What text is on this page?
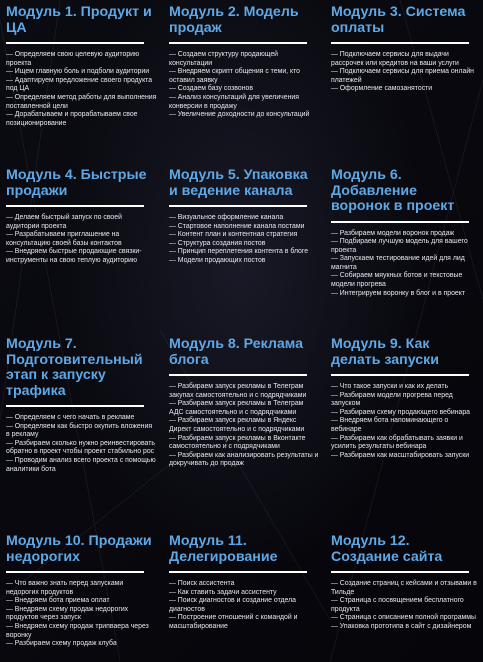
Модуль 1. Продукт и ЦА
— Определяем свою целевую аудиторию проекта
— Ищем главную боль и подболи аудитории
— Адаптируем предложение своего продукта под ЦА
— Определяем метод работы для выполнения поставленной цели
— Дорабатываем и прорабатываем свое позиционирование
Модуль 2. Модель продаж
— Создаем структуру продающей консультации
— Внедряем скрипт общения с теми, кто оставил заявку
— Создаем базу созвонов
— Анализ консультаций для увеличения конверсии в продажу
— Увеличение доходности до консультаций
Модуль 3. Система оплаты
— Подключаем сервисы для выдачи рассрочек или кредитов на ваши услуги
— Подключаем сервисы для приема онлайн платежей
— Оформление самозанятости
Модуль 4. Быстрые продажи
— Делаем быстрый запуск по своей аудитории проекта
— Разрабатываем приглашение на консультацию своей базы контактов
— Внедряем быстрые продающие связки-инструменты на свою теплую аудиторию
Модуль 5. Упаковка и ведение канала
— Визуальное оформление канала
— Стартовое наполнение канала постами
— Контент план и контентная стратегия
— Структура создания постов
— Принцип переплетения контента в блоге
— Модели продающих постов
Модуль 6. Добавление воронок в проект
— Разбираем модели воронок продаж
— Подбираем лучшую модель для вашего проекта
— Запускаем тестирование идей для лид магнита
— Собираем мяукных ботов и текстовые модели прогрева
— Интегрируем воронку в блог и в проект
Модуль 7. Подготовительный этап к запуску трафика
— Определяем с чего начать в рекламе
— Определяем как быстро окупить вложения в рекламу
— Разбираем сколько нужно реинвестировать обратно в проект чтобы проект стабильно рос
— Проводим анализ всего проекта с помощью аналитики бота
Модуль 8. Реклама блога
— Разбираем запуск рекламы в Телеграм закупах самостоятельно и с подрядчиками
— Разбираем запуск рекламы в Телеграм АДС самостоятельно и с подрядчиками
— Разбираем запуск рекламы в Яндекс Директ самостоятельно и с подрядчиками
— Разбираем запуск рекламы в Вконтакте самостоятельно и с подрядчиками
— Разбираем как анализировать результаты и докручивать до продаж
Модуль 9. Как делать запуски
— Что такое запуски и как их делать
— Разбираем модели прогрева перед запуском
— Разбираем схему продающего вебинара
— Внедряем бота напоминающего о вебинаре
— Разбираем как обрабатывать заявки и усилить результаты вебинара
— Разбираем как масштабировать запуски
Модуль 10. Продажи недорогих
— Что важно знать перед запусками недорогих продуктов
— Внедряем бота приема оплат
— Внедряем схему продаж недорогих продуктов через запуск
— Внедряем схему продаж трипваера через воронку
— Разбираем схему продаж клуба
Модуль 11. Делегирование
— Поиск ассистента
— Как ставить задачи ассистенту
— Поиск диагностов и создание отдела диагностов
— Построение отношений с командой и масштабирование
Модуль 12. Создание сайта
— Создание страниц с кейсами и отзывами в Тильде
— Страница с посвящением бесплатного продукта
— Страница с описанием полной программы
— Упаковка прототипа в сайт с дизайнером
